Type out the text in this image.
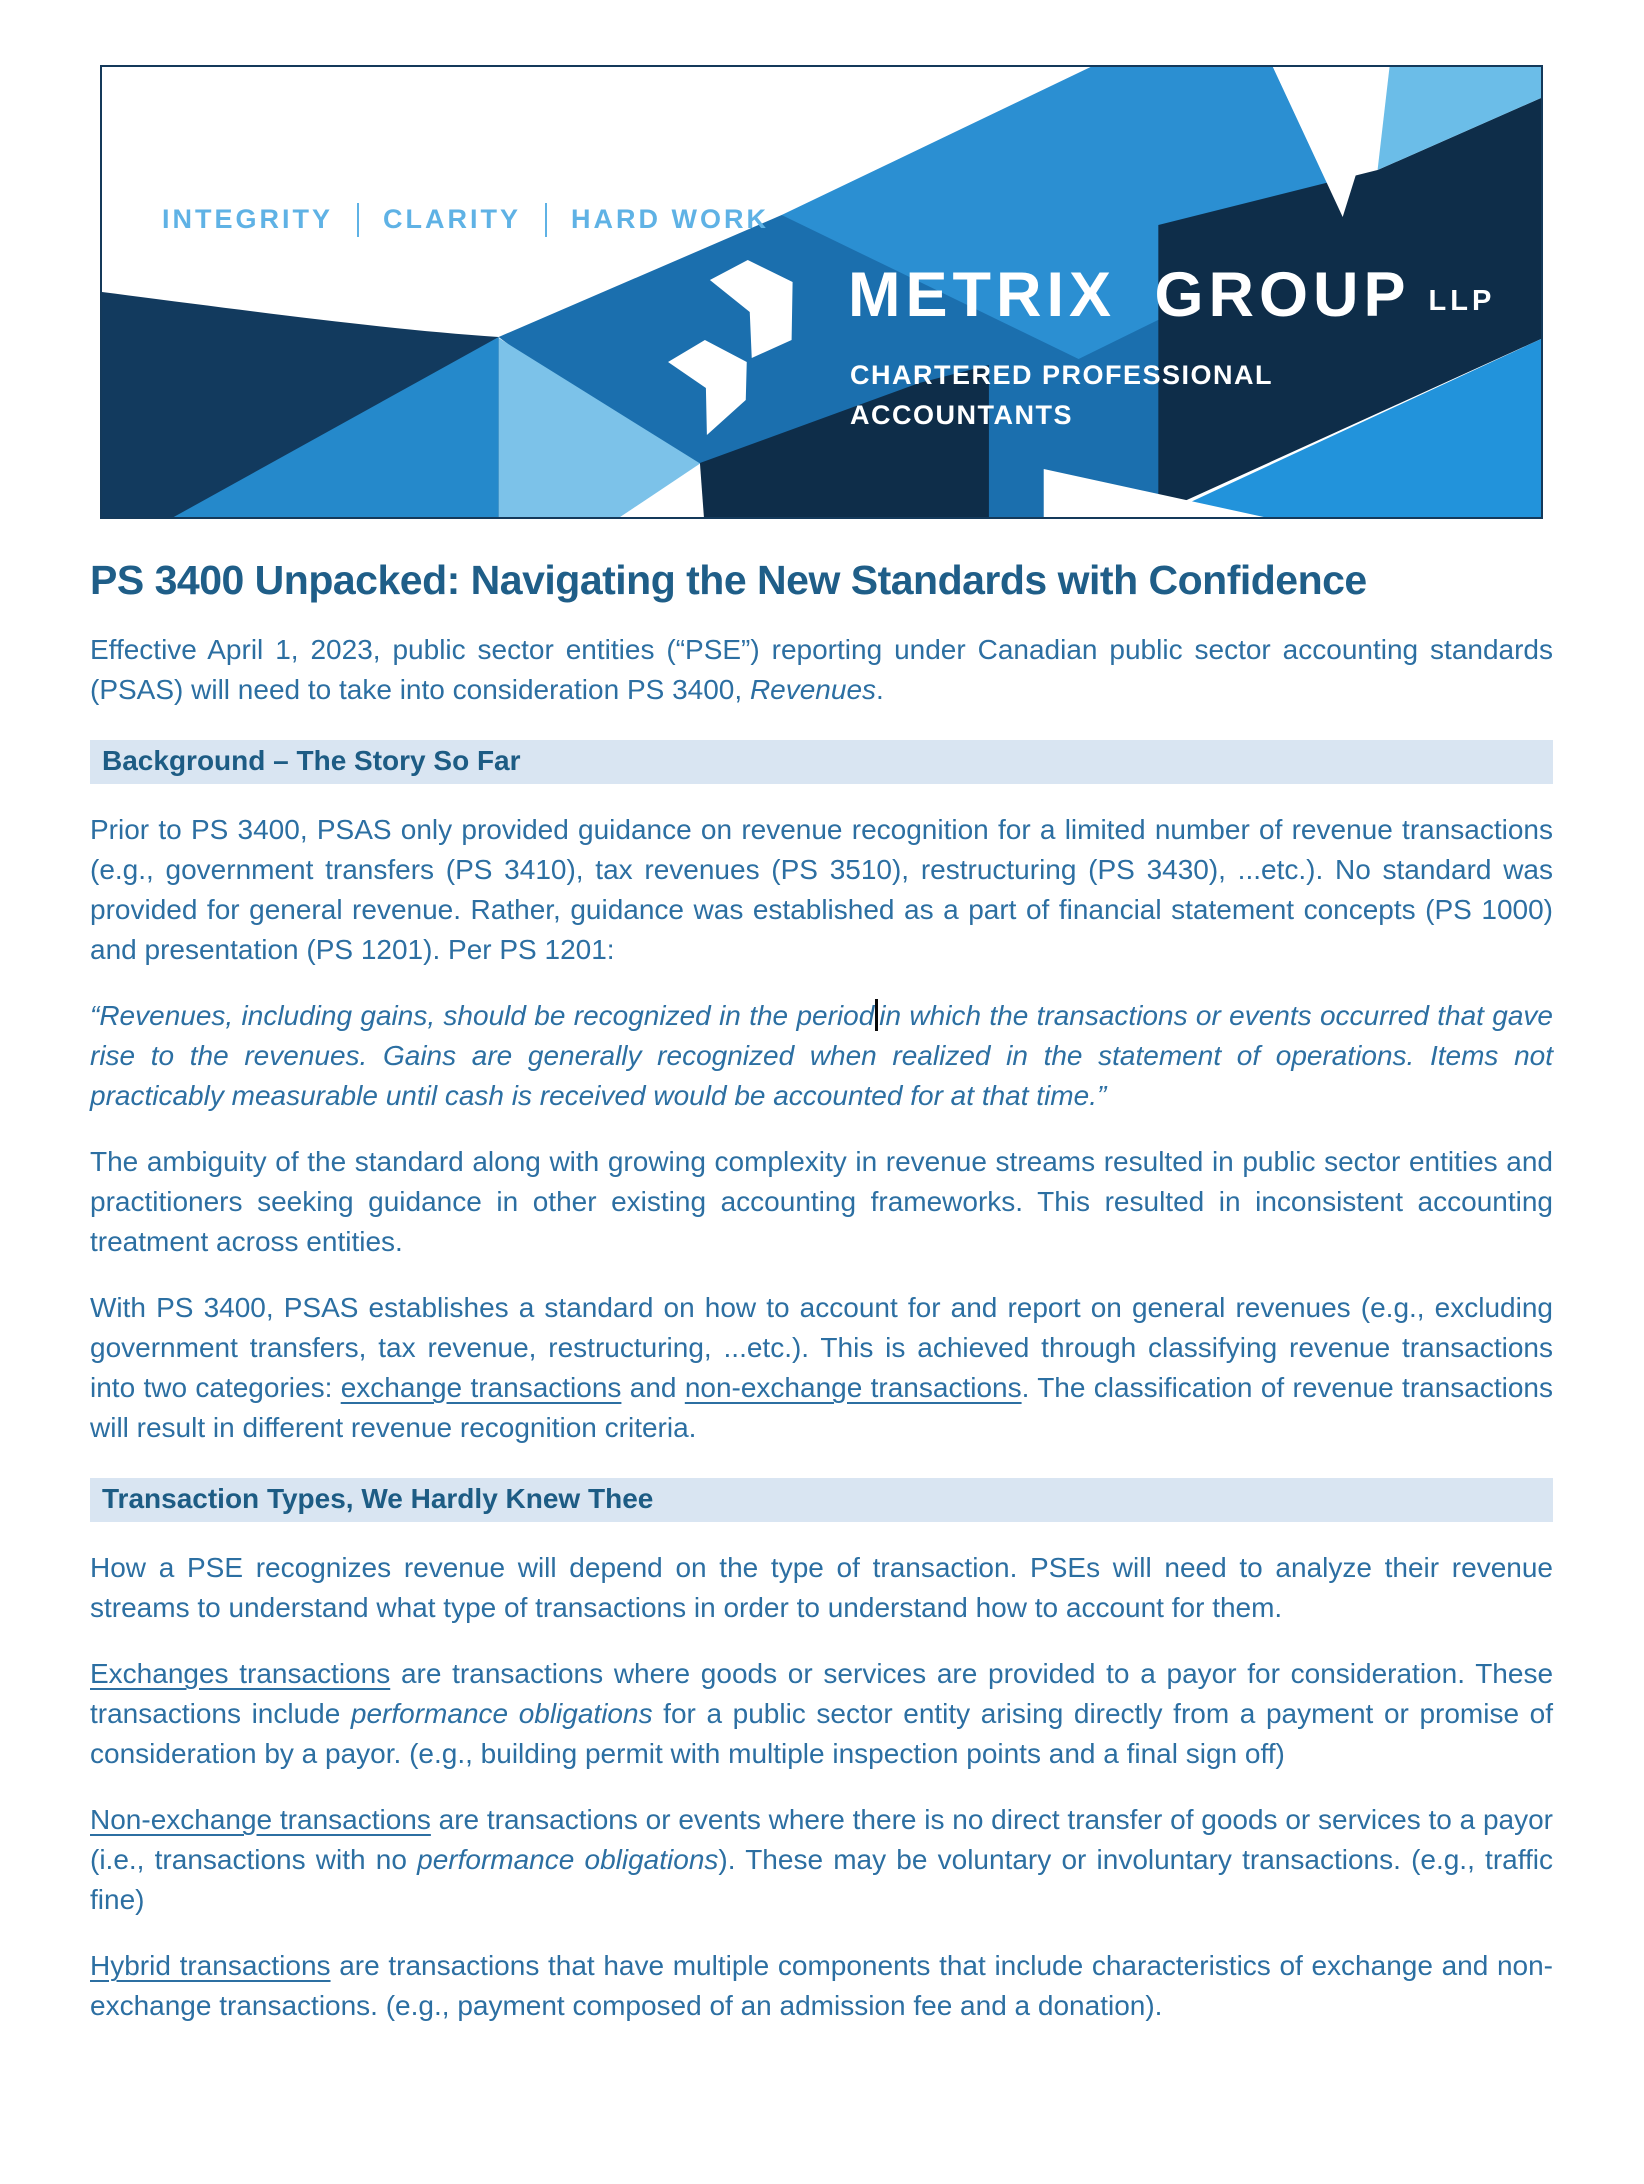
INTEGRITY CLARITY HARD WORK
METRIX GROUP LLP
CHARTERED PROFESSIONAL
ACCOUNTANTS
PS 3400 Unpacked: Navigating the New Standards with Confidence

Effective April 1, 2023, public sector entities (“PSE”) reporting under Canadian public sector accounting standards (PSAS) will need to take into consideration PS 3400, Revenues.

Background – The Story So Far

Prior to PS 3400, PSAS only provided guidance on revenue recognition for a limited number of revenue transactions (e.g., government transfers (PS 3410), tax revenues (PS 3510), restructuring (PS 3430), ...etc.). No standard was provided for general revenue. Rather, guidance was established as a part of financial statement concepts (PS 1000) and presentation (PS 1201). Per PS 1201:

“Revenues, including gains, should be recognized in the period in which the transactions or events occurred that gave rise to the revenues. Gains are generally recognized when realized in the statement of operations. Items not practicably measurable until cash is received would be accounted for at that time.”

The ambiguity of the standard along with growing complexity in revenue streams resulted in public sector entities and practitioners seeking guidance in other existing accounting frameworks. This resulted in inconsistent accounting treatment across entities.

With PS 3400, PSAS establishes a standard on how to account for and report on general revenues (e.g., excluding government transfers, tax revenue, restructuring, ...etc.). This is achieved through classifying revenue transactions into two categories: exchange transactions and non-exchange transactions. The classification of revenue transactions will result in different revenue recognition criteria.

Transaction Types, We Hardly Knew Thee

How a PSE recognizes revenue will depend on the type of transaction. PSEs will need to analyze their revenue streams to understand what type of transactions in order to understand how to account for them.

Exchanges transactions are transactions where goods or services are provided to a payor for consideration. These transactions include performance obligations for a public sector entity arising directly from a payment or promise of consideration by a payor. (e.g., building permit with multiple inspection points and a final sign off)

Non-exchange transactions are transactions or events where there is no direct transfer of goods or services to a payor (i.e., transactions with no performance obligations). These may be voluntary or involuntary transactions. (e.g., traffic fine)

Hybrid transactions are transactions that have multiple components that include characteristics of exchange and non-exchange transactions. (e.g., payment composed of an admission fee and a donation).
